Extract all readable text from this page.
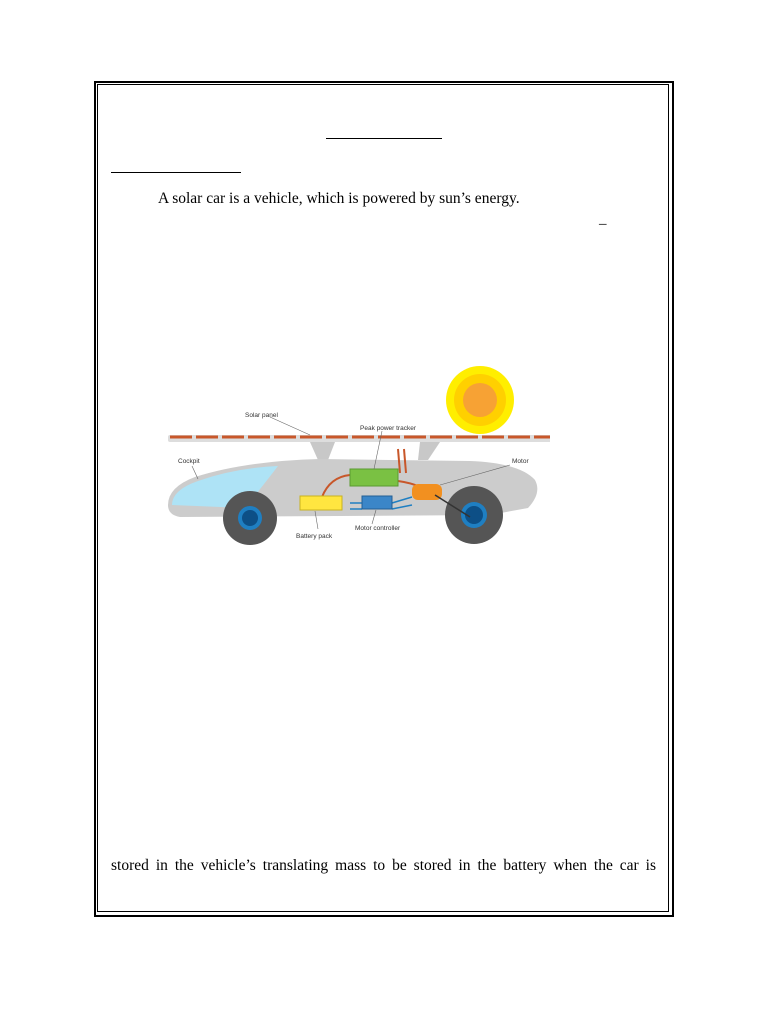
A solar car is a vehicle, which is powered by sun’s energy.
–
Solar panel
Peak power tracker
Cockpit	Motor
Battery pack
Motor controller
stored in the vehicle’s translating mass to be stored in the battery when the car is
